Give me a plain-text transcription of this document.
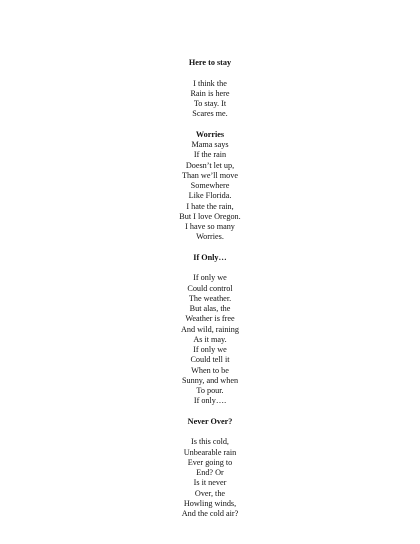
Here to stay
I think the
Rain is here
To stay. It
Scares me.
Worries
Mama says
If the rain
Doesn’t let up,
Than we’ll move
Somewhere
Like Florida.
I hate the rain,
But I love Oregon.
I have so many
Worries.
If Only…
If only we
Could control
The weather.
But alas, the
Weather is free
And wild, raining
As it may.
If only we
Could tell it
When to be
Sunny, and when
To pour.
If only….
Never Over?
Is this cold,
Unbearable rain
Ever going to
End? Or
Is it never
Over, the
Howling winds,
And the cold air?
